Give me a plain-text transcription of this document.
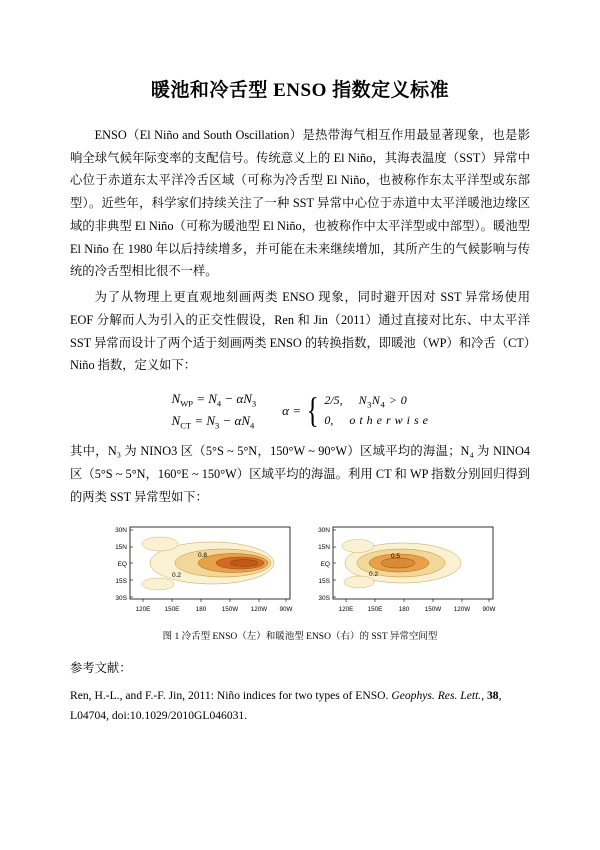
暖池和冷舌型 ENSO 指数定义标准

ENSO（El Niño and South Oscillation）是热带海气相互作用最显著现象，也是影响全球气候年际变率的支配信号。传统意义上的 El Niño，其海表温度（SST）异常中心位于赤道东太平洋冷舌区域（可称为冷舌型 El Niño，也被称作东太平洋型或东部型）。近些年，科学家们持续关注了一种 SST 异常中心位于赤道中太平洋暖池边缘区域的非典型 El Niño（可称为暖池型 El Niño，也被称作中太平洋型或中部型）。暖池型 El Niño 在 1980 年以后持续增多，并可能在未来继续增加，其所产生的气候影响与传统的冷舌型相比很不一样。

为了从物理上更直观地刻画两类 ENSO 现象，同时避开因对 SST 异常场使用 EOF 分解而人为引入的正交性假设，Ren 和 Jin（2011）通过直接对比东、中太平洋 SST 异常而设计了两个适于刻画两类 ENSO 的转换指数，即暖池（WP）和冷舌（CT）Niño 指数，定义如下：

$N_{WP} = N_4 - \alpha N_3$
$N_{CT} = N_3 - \alpha N_4$
α = { 2/5, $N_3N_4 > 0$
0, o t h e r w i s e

其中，N₃ 为 NINO3 区（5°S ~ 5°N，150°W ~ 90°W）区域平均的海温；N₄ 为 NINO4 区（5°S ~ 5°N，160°E ~ 150°W）区域平均的海温。利用 CT 和 WP 指数分别回归得到的两类 SST 异常型如下：

0.8
0.2
30N
15N
EQ
15S
30S
120E 150E	180 150W 120W 90W
0.5
0.2
30N
15N
EQ
15S
30S
120E 150E	180 150W 120W 90W
图 1 冷舌型 ENSO（左）和暖池型 ENSO（右）的 SST 异常空间型
参考文献：

Ren, H.‐L., and F.‐F. Jin, 2011: Niño indices for two types of ENSO. Geophys. Res. Lett., 38, L04704, doi:10.1029/2010GL046031.
